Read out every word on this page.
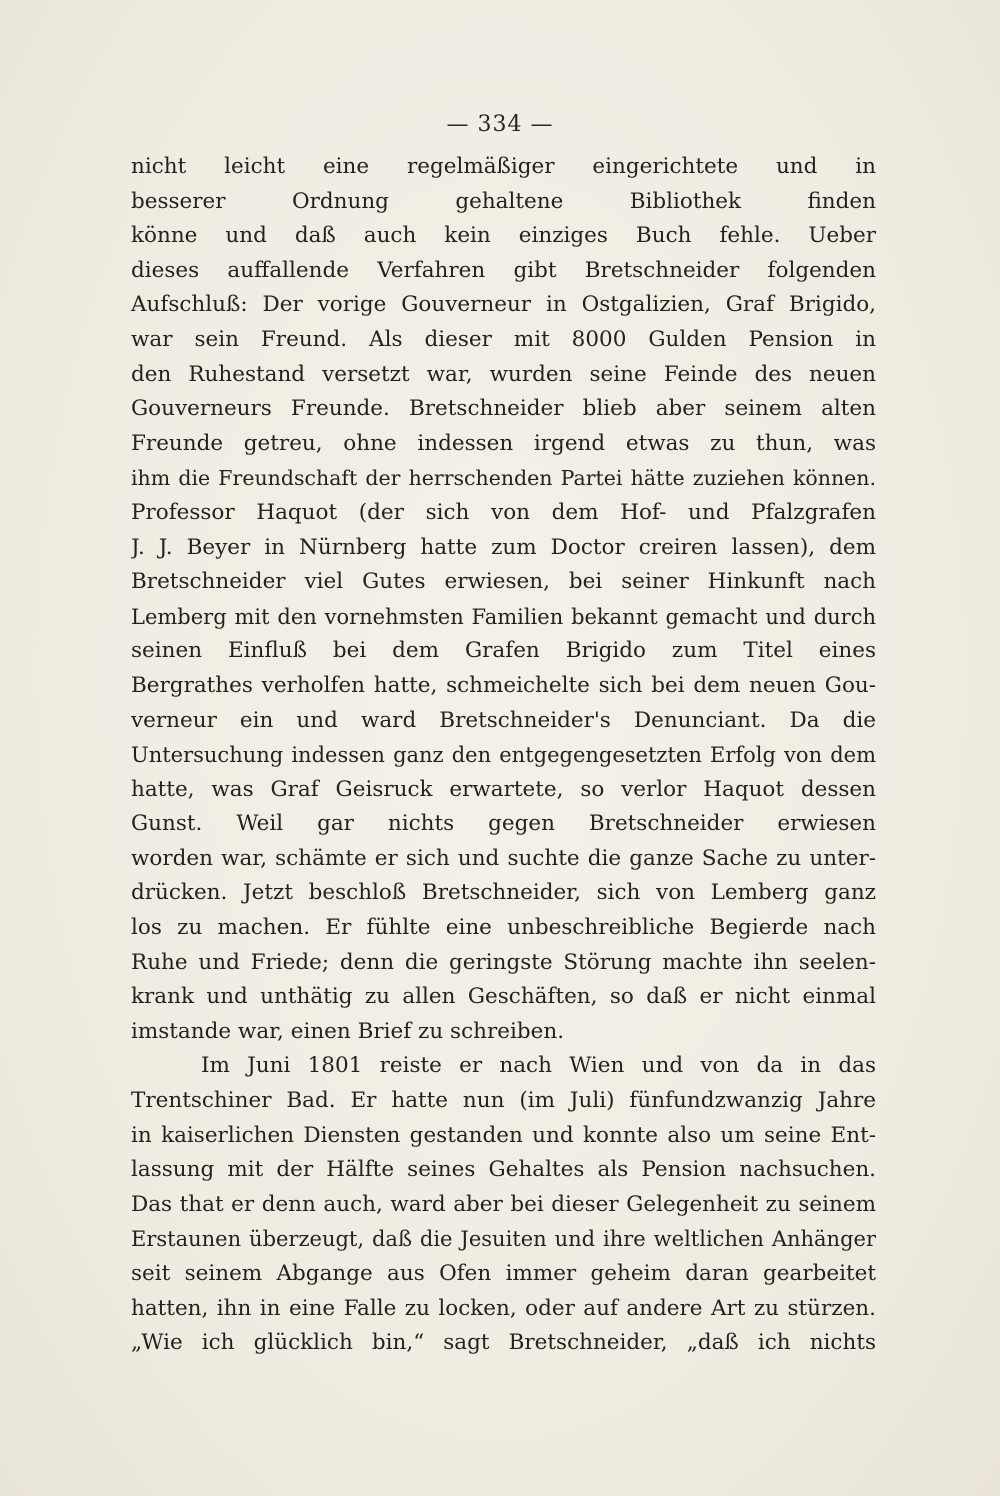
— 334 —
nicht leicht eine regelmäßiger eingerichtete und in
besserer Ordnung gehaltene Bibliothek finden
könne und daß auch kein einziges Buch fehle. Ueber
dieses auffallende Verfahren gibt Bretschneider folgenden
Aufschluß: Der vorige Gouverneur in Ostgalizien, Graf Brigido,
war sein Freund. Als dieser mit 8000 Gulden Pension in
den Ruhestand versetzt war, wurden seine Feinde des neuen
Gouverneurs Freunde. Bretschneider blieb aber seinem alten
Freunde getreu, ohne indessen irgend etwas zu thun, was
ihm die Freundschaft der herrschenden Partei hätte zuziehen können.
Professor Haquot (der sich von dem Hof- und Pfalzgrafen
J. J. Beyer in Nürnberg hatte zum Doctor creiren lassen), dem
Bretschneider viel Gutes erwiesen, bei seiner Hinkunft nach
Lemberg mit den vornehmsten Familien bekannt gemacht und durch
seinen Einfluß bei dem Grafen Brigido zum Titel eines
Bergrathes verholfen hatte, schmeichelte sich bei dem neuen Gou-
verneur ein und ward Bretschneider's Denunciant. Da die
Untersuchung indessen ganz den entgegengesetzten Erfolg von dem
hatte, was Graf Geisruck erwartete, so verlor Haquot dessen
Gunst. Weil gar nichts gegen Bretschneider erwiesen
worden war, schämte er sich und suchte die ganze Sache zu unter-
drücken. Jetzt beschloß Bretschneider, sich von Lemberg ganz
los zu machen. Er fühlte eine unbeschreibliche Begierde nach
Ruhe und Friede; denn die geringste Störung machte ihn seelen-
krank und unthätig zu allen Geschäften, so daß er nicht einmal
imstande war, einen Brief zu schreiben.
Im Juni 1801 reiste er nach Wien und von da in das
Trentschiner Bad. Er hatte nun (im Juli) fünfundzwanzig Jahre
in kaiserlichen Diensten gestanden und konnte also um seine Ent-
lassung mit der Hälfte seines Gehaltes als Pension nachsuchen.
Das that er denn auch, ward aber bei dieser Gelegenheit zu seinem
Erstaunen überzeugt, daß die Jesuiten und ihre weltlichen Anhänger
seit seinem Abgange aus Ofen immer geheim daran gearbeitet
hatten, ihn in eine Falle zu locken, oder auf andere Art zu stürzen.
„Wie ich glücklich bin,“ sagt Bretschneider, „daß ich nichts
